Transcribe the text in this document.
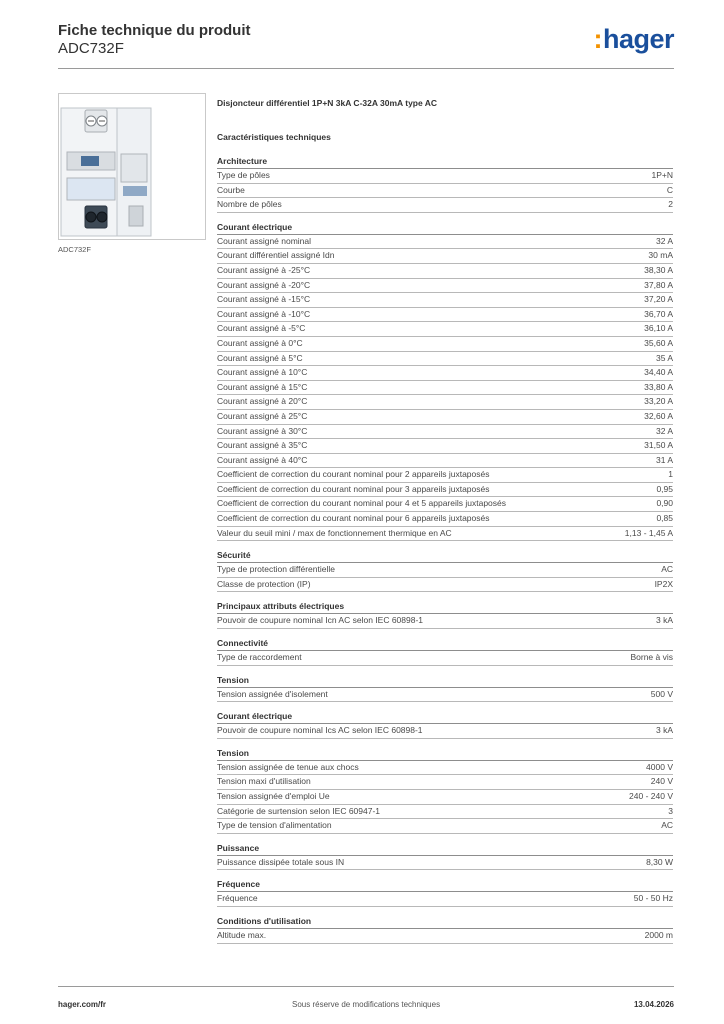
Fiche technique du produit
ADC732F	:hager
ADC732F
Disjoncteur différentiel 1P+N 3kA C-32A 30mA type AC
Caractéristiques techniques
Architecture
Type de pôles	1P+N
Courbe	C
Nombre de pôles	2
Courant électrique
Courant assigné nominal	32 A
Courant différentiel assigné Idn	30 mA
Courant assigné à -25°C	38,30 A
Courant assigné à -20°C	37,80 A
Courant assigné à -15°C	37,20 A
Courant assigné à -10°C	36,70 A
Courant assigné à -5°C	36,10 A
Courant assigné à 0°C	35,60 A
Courant assigné à 5°C	35 A
Courant assigné à 10°C	34,40 A
Courant assigné à 15°C	33,80 A
Courant assigné à 20°C	33,20 A
Courant assigné à 25°C	32,60 A
Courant assigné à 30°C	32 A
Courant assigné à 35°C	31,50 A
Courant assigné à 40°C	31 A
Coefficient de correction du courant nominal pour 2 appareils juxtaposés	1
Coefficient de correction du courant nominal pour 3 appareils juxtaposés	0,95
Coefficient de correction du courant nominal pour 4 et 5 appareils juxtaposés	0,90
Coefficient de correction du courant nominal pour 6 appareils juxtaposés	0,85
Valeur du seuil mini / max de fonctionnement thermique en AC	1,13 - 1,45 A
Sécurité
Type de protection différentielle	AC
Classe de protection (IP)	IP2X
Principaux attributs électriques
Pouvoir de coupure nominal Icn AC selon IEC 60898-1	3 kA
Connectivité
Type de raccordement	Borne à vis
Tension
Tension assignée d'isolement	500 V
Courant électrique
Pouvoir de coupure nominal Ics AC selon IEC 60898-1	3 kA
Tension
Tension assignée de tenue aux chocs	4000 V
Tension maxi d'utilisation	240 V
Tension assignée d'emploi Ue	240 - 240 V
Catégorie de surtension selon IEC 60947-1	3
Type de tension d'alimentation	AC
Puissance
Puissance dissipée totale sous IN	8,30 W
Fréquence
Fréquence	50 - 50 Hz
Conditions d'utilisation
Altitude max.	2000 m
hager.com/fr	Sous réserve de modifications techniques	13.04.2026
